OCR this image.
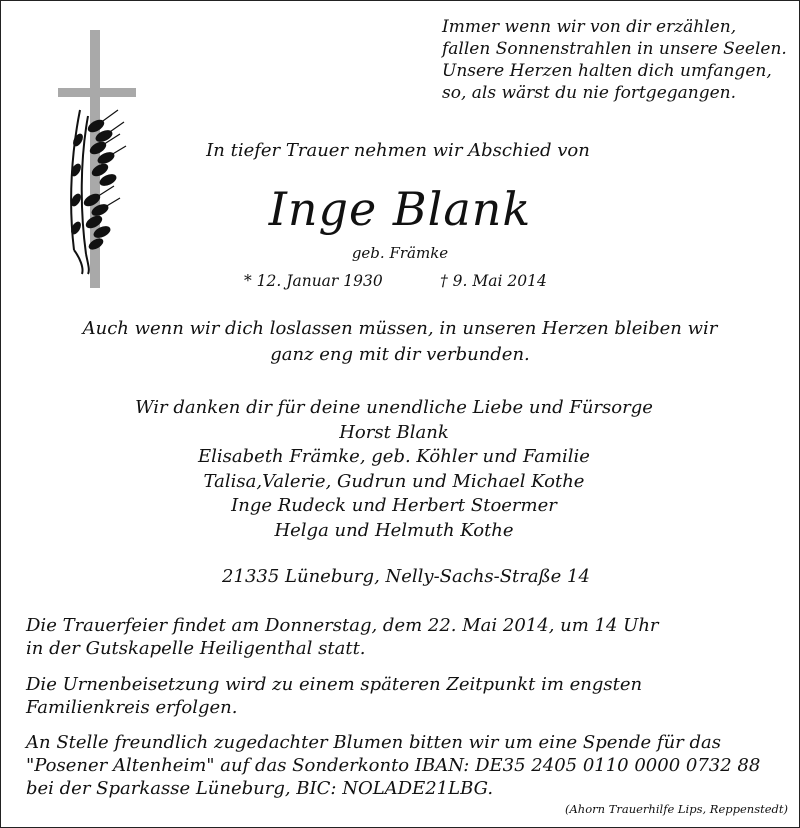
Immer wenn wir von dir erzählen,
fallen Sonnenstrahlen in unsere Seelen.
Unsere Herzen halten dich umfangen,
so, als wärst du nie fortgegangen.
In tiefer Trauer nehmen wir Abschied von
Inge Blank
geb. Främke
* 12. Januar 1930	† 9. Mai 2014
Auch wenn wir dich loslassen müssen, in unseren Herzen bleiben wir
ganz eng mit dir verbunden.
Wir danken dir für deine unendliche Liebe und Fürsorge
Horst Blank
Elisabeth Främke, geb. Köhler und Familie
Talisa,Valerie, Gudrun und Michael Kothe
Inge Rudeck und Herbert Stoermer
Helga und Helmuth Kothe
21335 Lüneburg, Nelly-Sachs-Straße 14
Die Trauerfeier findet am Donnerstag, dem 22. Mai 2014, um 14 Uhr
in der Gutskapelle Heiligenthal statt.
Die Urnenbeisetzung wird zu einem späteren Zeitpunkt im engsten
Familienkreis erfolgen.
An Stelle freundlich zugedachter Blumen bitten wir um eine Spende für das
"Posener Altenheim" auf das Sonderkonto IBAN: DE35 2405 0110 0000 0732 88
bei der Sparkasse Lüneburg, BIC: NOLADE21LBG.
(Ahorn Trauerhilfe Lips, Reppenstedt)
